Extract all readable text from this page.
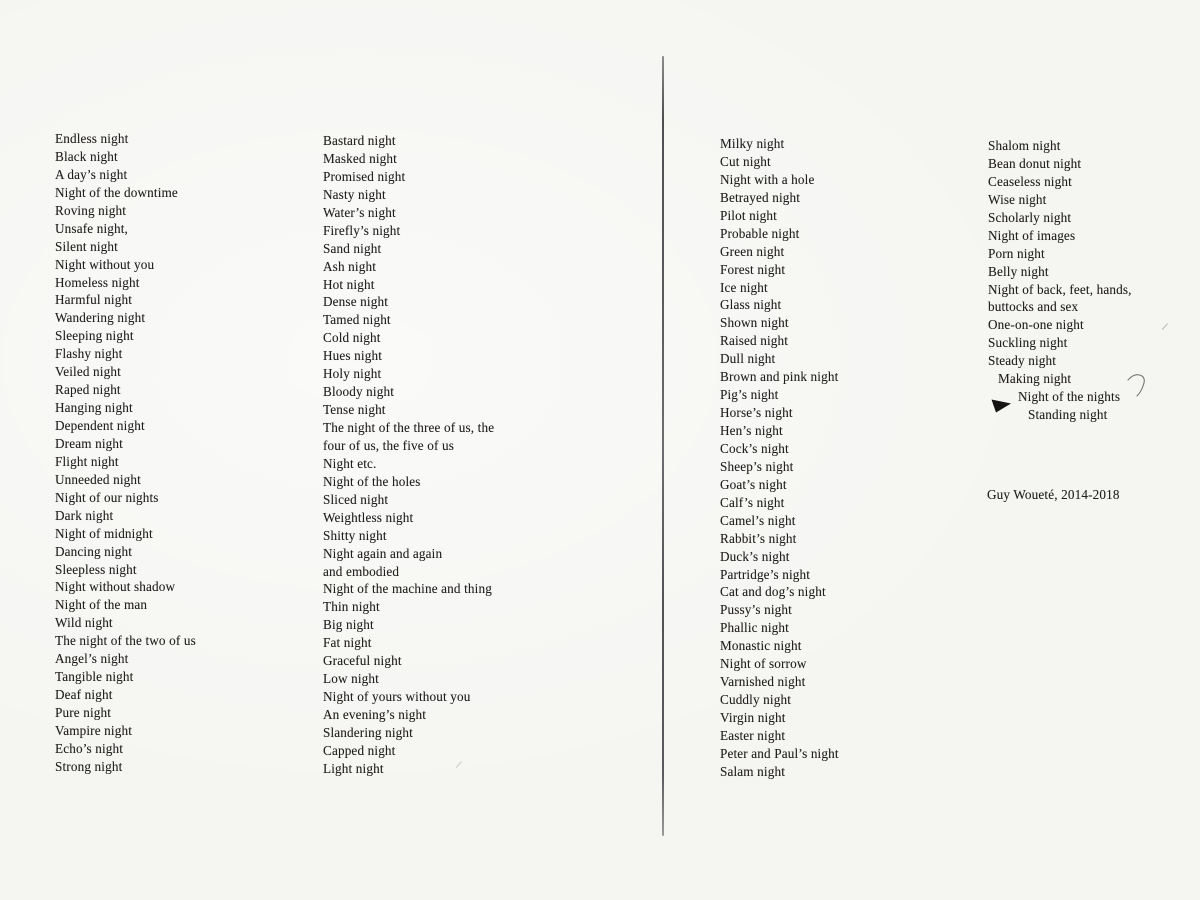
Endless night
Black night
A day’s night
Night of the downtime
Roving night
Unsafe night,
Silent night
Night without you
Homeless night
Harmful night
Wandering night
Sleeping night
Flashy night
Veiled night
Raped night
Hanging night
Dependent night
Dream night
Flight night
Unneeded night
Night of our nights
Dark night
Night of midnight
Dancing night
Sleepless night
Night without shadow
Night of the man
Wild night
The night of the two of us
Angel’s night
Tangible night
Deaf night
Pure night
Vampire night
Echo’s night
Strong night
Bastard night
Masked night
Promised night
Nasty night
Water’s night
Firefly’s night
Sand night
Ash night
Hot night
Dense night
Tamed night
Cold night
Hues night
Holy night
Bloody night
Tense night
The night of the three of us, the
four of us, the five of us
Night etc.
Night of the holes
Sliced night
Weightless night
Shitty night
Night again and again
and embodied
Night of the machine and thing
Thin night
Big night
Fat night
Graceful night
Low night
Night of yours without you
An evening’s night
Slandering night
Capped night
Light night
Milky night
Cut night
Night with a hole
Betrayed night
Pilot night
Probable night
Green night
Forest night
Ice night
Glass night
Shown night
Raised night
Dull night
Brown and pink night
Pig’s night
Horse’s night
Hen’s night
Cock’s night
Sheep’s night
Goat’s night
Calf’s night
Camel’s night
Rabbit’s night
Duck’s night
Partridge’s night
Cat and dog’s night
Pussy’s night
Phallic night
Monastic night
Night of sorrow
Varnished night
Cuddly night
Virgin night
Easter night
Peter and Paul’s night
Salam night
Shalom night
Bean donut night
Ceaseless night
Wise night
Scholarly night
Night of images
Porn night
Belly night
Night of back, feet, hands,
buttocks and sex
One-on-one night
Suckling night
Steady night
Making night
Night of the nights
Standing night
Guy Woueté, 2014-2018
